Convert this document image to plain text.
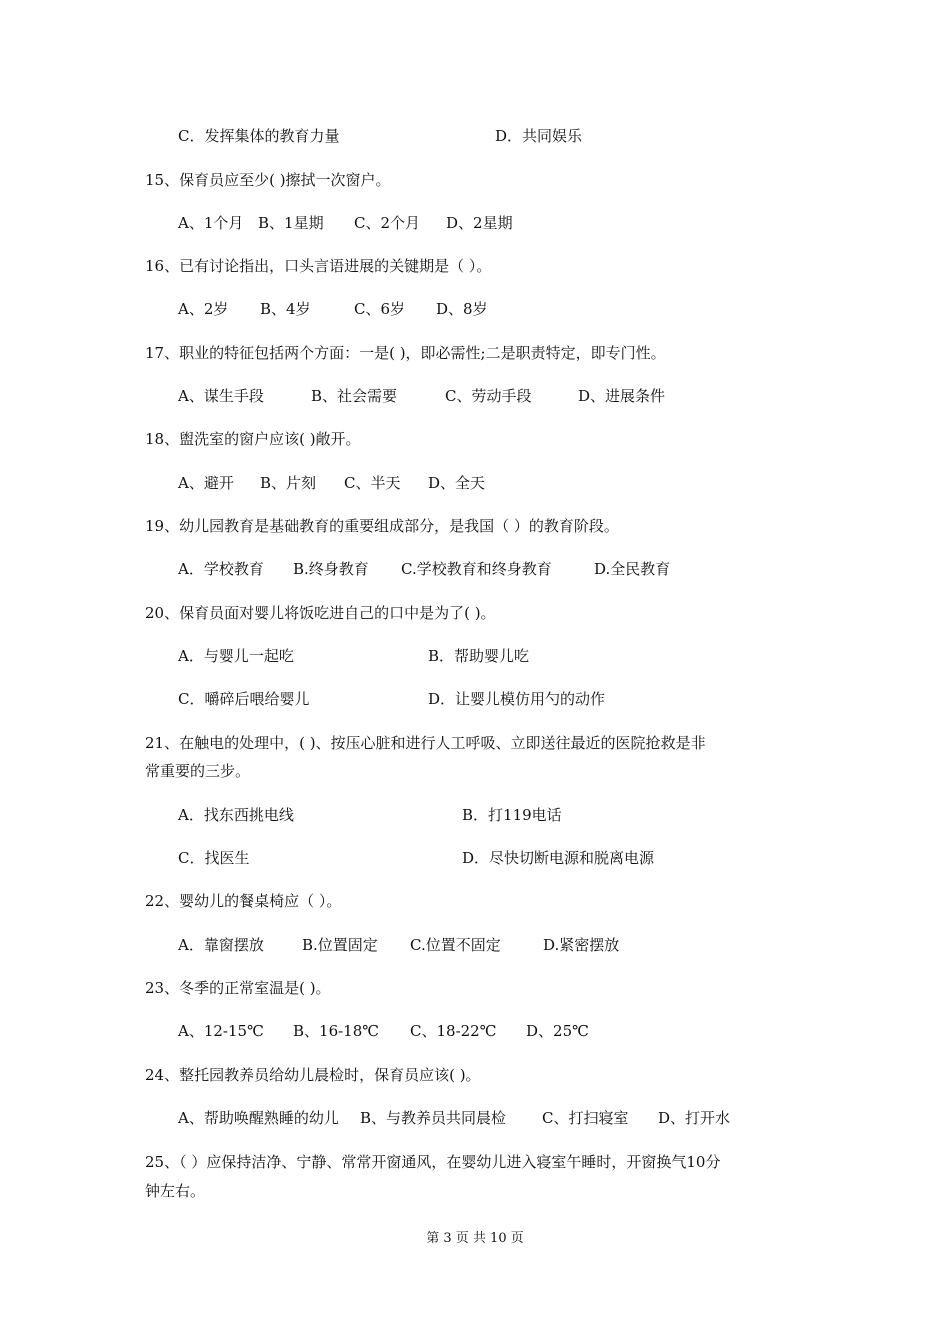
C．发挥集体的教育力量	D．共同娱乐
15、保育员应至少( )擦拭一次窗户。
A、1个月 B、1星期 C、2个月 D、2星期
16、已有讨论指出，口头言语进展的关键期是（ ）。
A、2岁 B、4岁	C、6岁 D、8岁
17、职业的特征包括两个方面：一是( )，即必需性;二是职责特定，即专门性。
A、谋生手段	B、社会需要	C、劳动手段	D、进展条件
18、盥洗室的窗户应该( )敞开。
A、避开 B、片刻 C、半天 D、全天
19、幼儿园教育是基础教育的重要组成部分，是我国（ ）的教育阶段。
A．学校教育 B.终身教育 C.学校教育和终身教育	D.全民教育
20、保育员面对婴儿将饭吃进自己的口中是为了( )。
A．与婴儿一起吃	B．帮助婴儿吃
C．嚼碎后喂给婴儿	D．让婴儿模仿用勺的动作
21、在触电的处理中，( )、按压心脏和进行人工呼吸、立即送往最近的医院抢救是非
常重要的三步。
A．找东西挑电线	B．打119电话
C．找医生	D．尽快切断电源和脱离电源
22、婴幼儿的餐桌椅应（ ）。
A．靠窗摆放	B.位置固定 C.位置不固定	D.紧密摆放
23、冬季的正常室温是( )。
A、12-15℃ B、16-18℃ C、18-22℃ D、25℃
24、整托园教养员给幼儿晨检时，保育员应该( )。
A、帮助唤醒熟睡的幼儿 B、与教养员共同晨检 C、打扫寝室 D、打开水
25、（ ）应保持洁净、宁静、常常开窗通风，在婴幼儿进入寝室午睡时，开窗换气10分
钟左右。
第 3 页 共 10 页
